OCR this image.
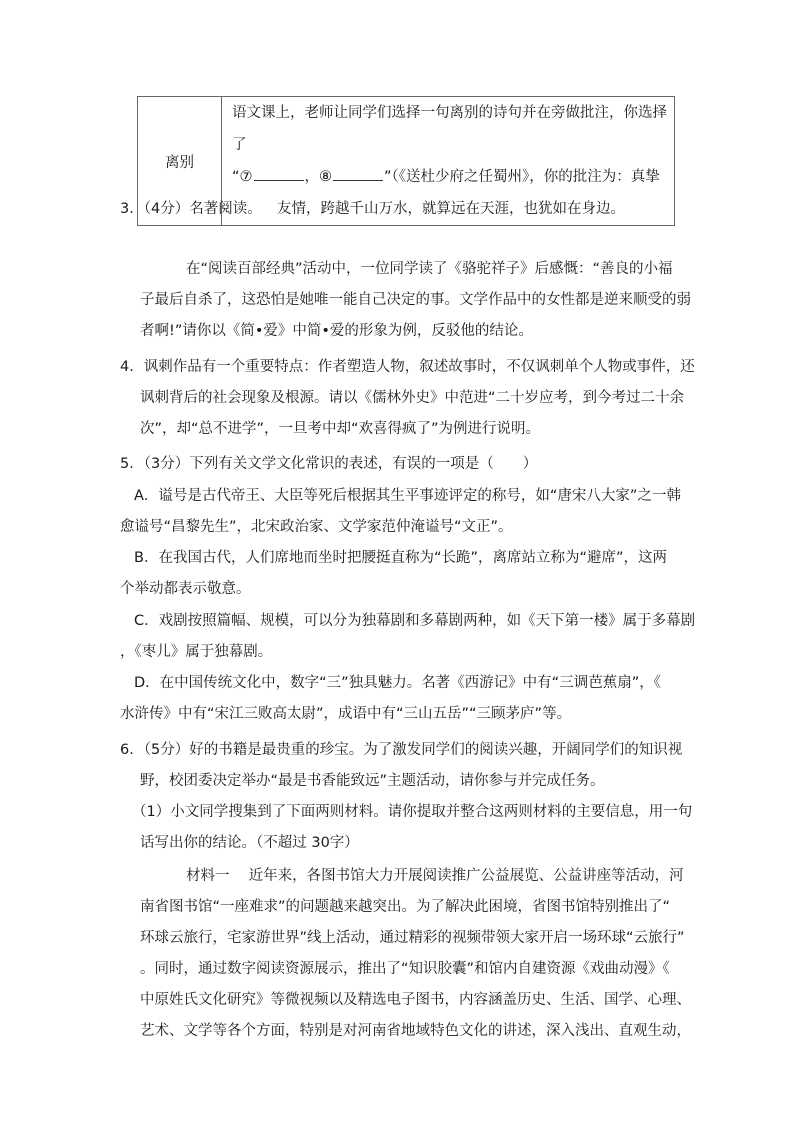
离别	
语文课上，老师让同学们选择一句离别的诗句并在旁做批注，你选择了
“⑦	，⑧	”（《送杜少府之任蜀州》，你的批注为：真挚
友情，跨越千山万水，就算远在天涯，也犹如在身边。
3．（4分）名著阅读。
在“阅读百部经典”活动中，一位同学读了《骆驼祥子》后感慨：“善良的小福
子最后自杀了，这恐怕是她唯一能自己决定的事。文学作品中的女性都是逆来顺受的弱
者啊!”请你以《简•爱》中简•爱的形象为例，反驳他的结论。
4．讽刺作品有一个重要特点：作者塑造人物，叙述故事时，不仅讽刺单个人物或事件，还
讽刺背后的社会现象及根源。请以《儒林外史》中范进“二十岁应考，到今考过二十余
次”，却“总不进学”，一旦考中却“欢喜得疯了”为例进行说明。
5．（3分）下列有关文学文化常识的表述，有误的一项是（　　）
A．谥号是古代帝王、大臣等死后根据其生平事迹评定的称号，如“唐宋八大家”之一韩
愈谥号“昌黎先生”，北宋政治家、文学家范仲淹谥号“文正”。
B．在我国古代，人们席地而坐时把腰挺直称为“长跪”，离席站立称为“避席”，这两
个举动都表示敬意。
C．戏剧按照篇幅、规模，可以分为独幕剧和多幕剧两种，如《天下第一楼》属于多幕剧
，《枣儿》属于独幕剧。
D．在中国传统文化中，数字“三”独具魅力。名著《西游记》中有“三调芭蕉扇”，《
水浒传》中有“宋江三败高太尉”，成语中有“三山五岳”“三顾茅庐”等。
6．（5分）好的书籍是最贵重的珍宝。为了激发同学们的阅读兴趣，开阔同学们的知识视
野，校团委决定举办“最是书香能致远”主题活动，请你参与并完成任务。
（1）小文同学搜集到了下面两则材料。请你提取并整合这两则材料的主要信息，用一句
话写出你的结论。（不超过 30字）
材料一　 近年来，各图书馆大力开展阅读推广公益展览、公益讲座等活动，河
南省图书馆“一座难求”的问题越来越突出。为了解决此困境，省图书馆特别推出了“
环球云旅行，宅家游世界”线上活动，通过精彩的视频带领大家开启一场环球“云旅行”
。同时，通过数字阅读资源展示，推出了“知识胶囊”和馆内自建资源《戏曲动漫》《
中原姓氏文化研究》等微视频以及精选电子图书，内容涵盖历史、生活、国学、心理、
艺术、文学等各个方面，特别是对河南省地域特色文化的讲述，深入浅出、直观生动，
